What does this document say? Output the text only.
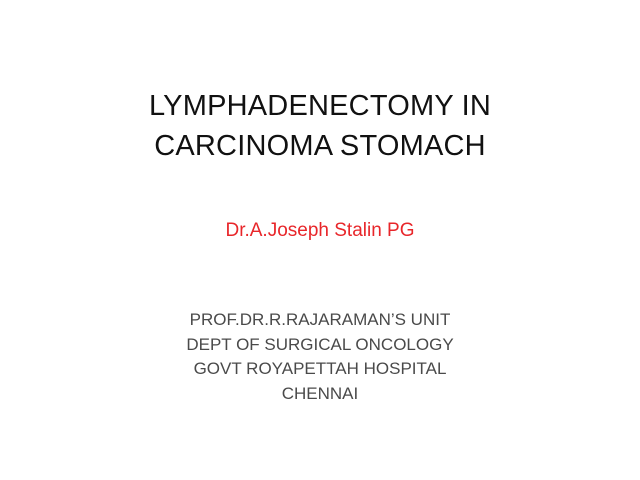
LYMPHADENECTOMY IN
CARCINOMA STOMACH
Dr.A.Joseph Stalin PG
PROF.DR.R.RAJARAMAN’S UNIT
DEPT OF SURGICAL ONCOLOGY
GOVT ROYAPETTAH HOSPITAL
CHENNAI
